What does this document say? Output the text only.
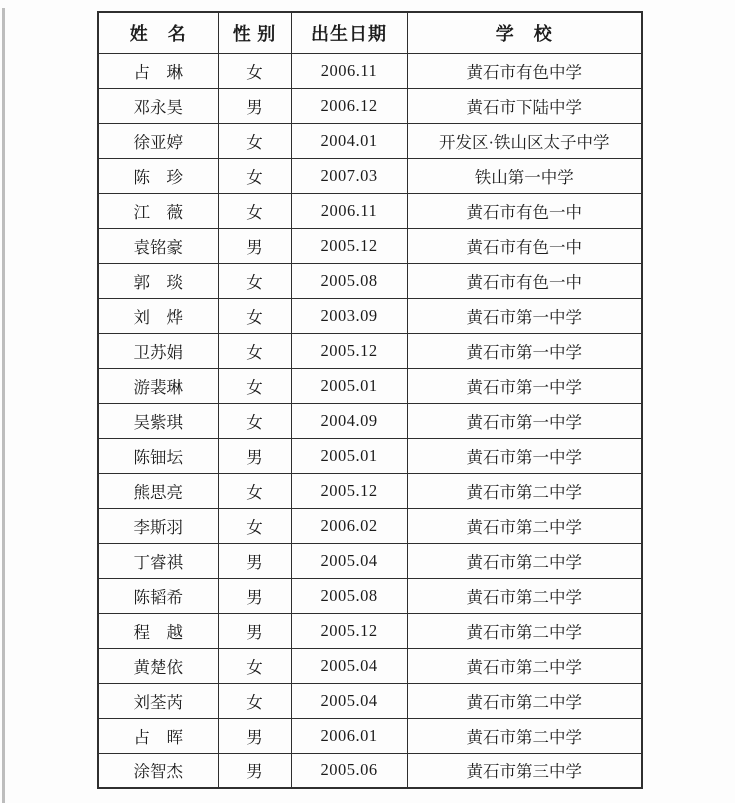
姓　名	性 别	出生日期	学　校
占　琳	女	2006.11	黄石市有色中学
邓永昊	男	2006.12	黄石市下陆中学
徐亚婷	女	2004.01	开发区·铁山区太子中学
陈　珍	女	2007.03	铁山第一中学
江　薇	女	2006.11	黄石市有色一中
袁铭豪	男	2005.12	黄石市有色一中
郭　琰	女	2005.08	黄石市有色一中
刘　烨	女	2003.09	黄石市第一中学
卫苏娟	女	2005.12	黄石市第一中学
游裴琳	女	2005.01	黄石市第一中学
吴紫琪	女	2004.09	黄石市第一中学
陈钿坛	男	2005.01	黄石市第一中学
熊思亮	女	2005.12	黄石市第二中学
李斯羽	女	2006.02	黄石市第二中学
丁睿祺	男	2005.04	黄石市第二中学
陈韬希	男	2005.08	黄石市第二中学
程　越	男	2005.12	黄石市第二中学
黄楚依	女	2005.04	黄石市第二中学
刘荃芮	女	2005.04	黄石市第二中学
占　晖	男	2006.01	黄石市第二中学
涂智杰	男	2005.06	黄石市第三中学
